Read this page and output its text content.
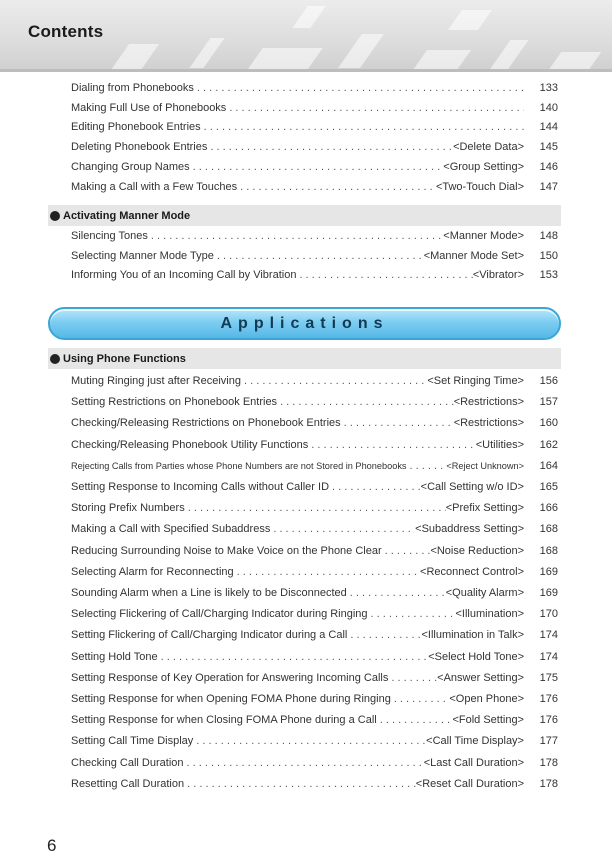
Contents
Dialing from Phonebooks . . .	133
Making Full Use of Phonebooks . . .	140
Editing Phonebook Entries . . .	144
Deleting Phonebook Entries . . .	<Delete Data>	145
Changing Group Names . . .	<Group Setting>	146
Making a Call with a Few Touches . . .	<Two-Touch Dial>	147
Activating Manner Mode
Silencing Tones . . .	<Manner Mode>	148
Selecting Manner Mode Type . . .	<Manner Mode Set>	150
Informing You of an Incoming Call by Vibration . . .	<Vibrator>	153
Applications
Using Phone Functions
Muting Ringing just after Receiving . . .	<Set Ringing Time>	156
Setting Restrictions on Phonebook Entries . . .	<Restrictions>	157
Checking/Releasing Restrictions on Phonebook Entries . . .	<Restrictions>	160
Checking/Releasing Phonebook Utility Functions . . .	<Utilities>	162
Rejecting Calls from Parties whose Phone Numbers are not Stored in Phonebooks . . .	<Reject Unknown>	164
Setting Response to Incoming Calls without Caller ID . . .	<Call Setting w/o ID>	165
Storing Prefix Numbers . . .	<Prefix Setting>	166
Making a Call with Specified Subaddress . . .	<Subaddress Setting>	168
Reducing Surrounding Noise to Make Voice on the Phone Clear . . .	<Noise Reduction>	168
Selecting Alarm for Reconnecting . . .	<Reconnect Control>	169
Sounding Alarm when a Line is likely to be Disconnected . . .	<Quality Alarm>	169
Selecting Flickering of Call/Charging Indicator during Ringing . . .	<Illumination>	170
Setting Flickering of Call/Charging Indicator during a Call . . .	<Illumination in Talk>	174
Setting Hold Tone . . .	<Select Hold Tone>	174
Setting Response of Key Operation for Answering Incoming Calls . . .	<Answer Setting>	175
Setting Response for when Opening FOMA Phone during Ringing . . .	<Open Phone>	176
Setting Response for when Closing FOMA Phone during a Call . . .	<Fold Setting>	176
Setting Call Time Display . . .	<Call Time Display>	177
Checking Call Duration . . .	<Last Call Duration>	178
Resetting Call Duration . . .	<Reset Call Duration>	178
6
